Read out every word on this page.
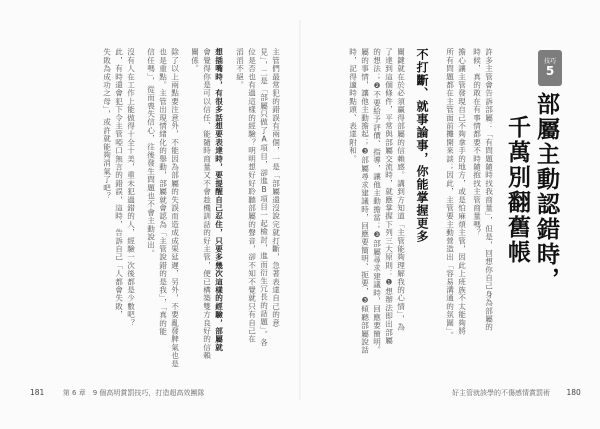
技巧
5
部屬主動認錯時，
千萬別翻舊帳
許多主管會告訴部屬：「有問題隨時找我商量」，但是，回想你自己身為部屬的
時候，真的敢在有事情都要不時隨抱找主管商量嗎？
擔心讓主管發現自己不夠拿手的地方，或是怕麻煩主管，因此上班族不太能夠將
所有問題都在主管面前攤開來談；因此，主管要主動營造出「容易溝通的氛圍」。
不打斷、就事論事，你能掌握更多
關鍵就在於必須贏得部屬的信賴感。講到方知道「主管能夠理解我的心情」，為
了達到這個條件，平常與部屬交流時，就應掌握下列三大原則：❶想辦法即出部屬
的想法；❷不要給予評價、指導，讓他主動擔當；❸部屬尋求建議時，回應要簡明。
屬的事情，讓他主動擔起；❸部屬尋求建議時，回應要簡明、扼要，❸傾聽部屬說話
時，記得適時點頭、表達附和。
主管們最常犯的錯誤有兩個，一是「部屬還沒說完就打斷，急著表達自己的意
見」，二是「部屬只做了A項目，卻進B項目一起檢討，進而衍生冗長的話題」。各
位是否也有過這樣的經驗？明明想好好聆聽部屬的聲音，卻不知不覺就只有自己在
滔滔不絕。
想插嘴時，有很多話想要表達時，要提醒自己忍住，只要多幾次這樣的經驗，部屬就
會覺得你是可以信任、能隨時商量又不會趁機訓話的好主管，便已構築雙方良好的信賴
關係。
除了以上兩點要注意外，不能因為部屬的失誤而造成成果延遲，另外，不要亂發脾氣也是
也是重點。主管出現情緒化的舉動，部屬就會認為「主管說錯的是我」，「真的能
信任嗎」，從而喪失信心，往後發生問題也不會主動說出。
沒有人在工作上能做得十全十美，重未犯過錯的人，經驗一次後都是少數吧？
此，有時還會犯下令主管啞口無言的錯誤，這時，告訴自己「人都會失敗，
失敗為成功之母」，或許就能夠消氣了吧？
181	第 6 章　9 個高明賞罰技巧，打造超高效團隊	好主管就該學的不傷感情賞罰術 180
